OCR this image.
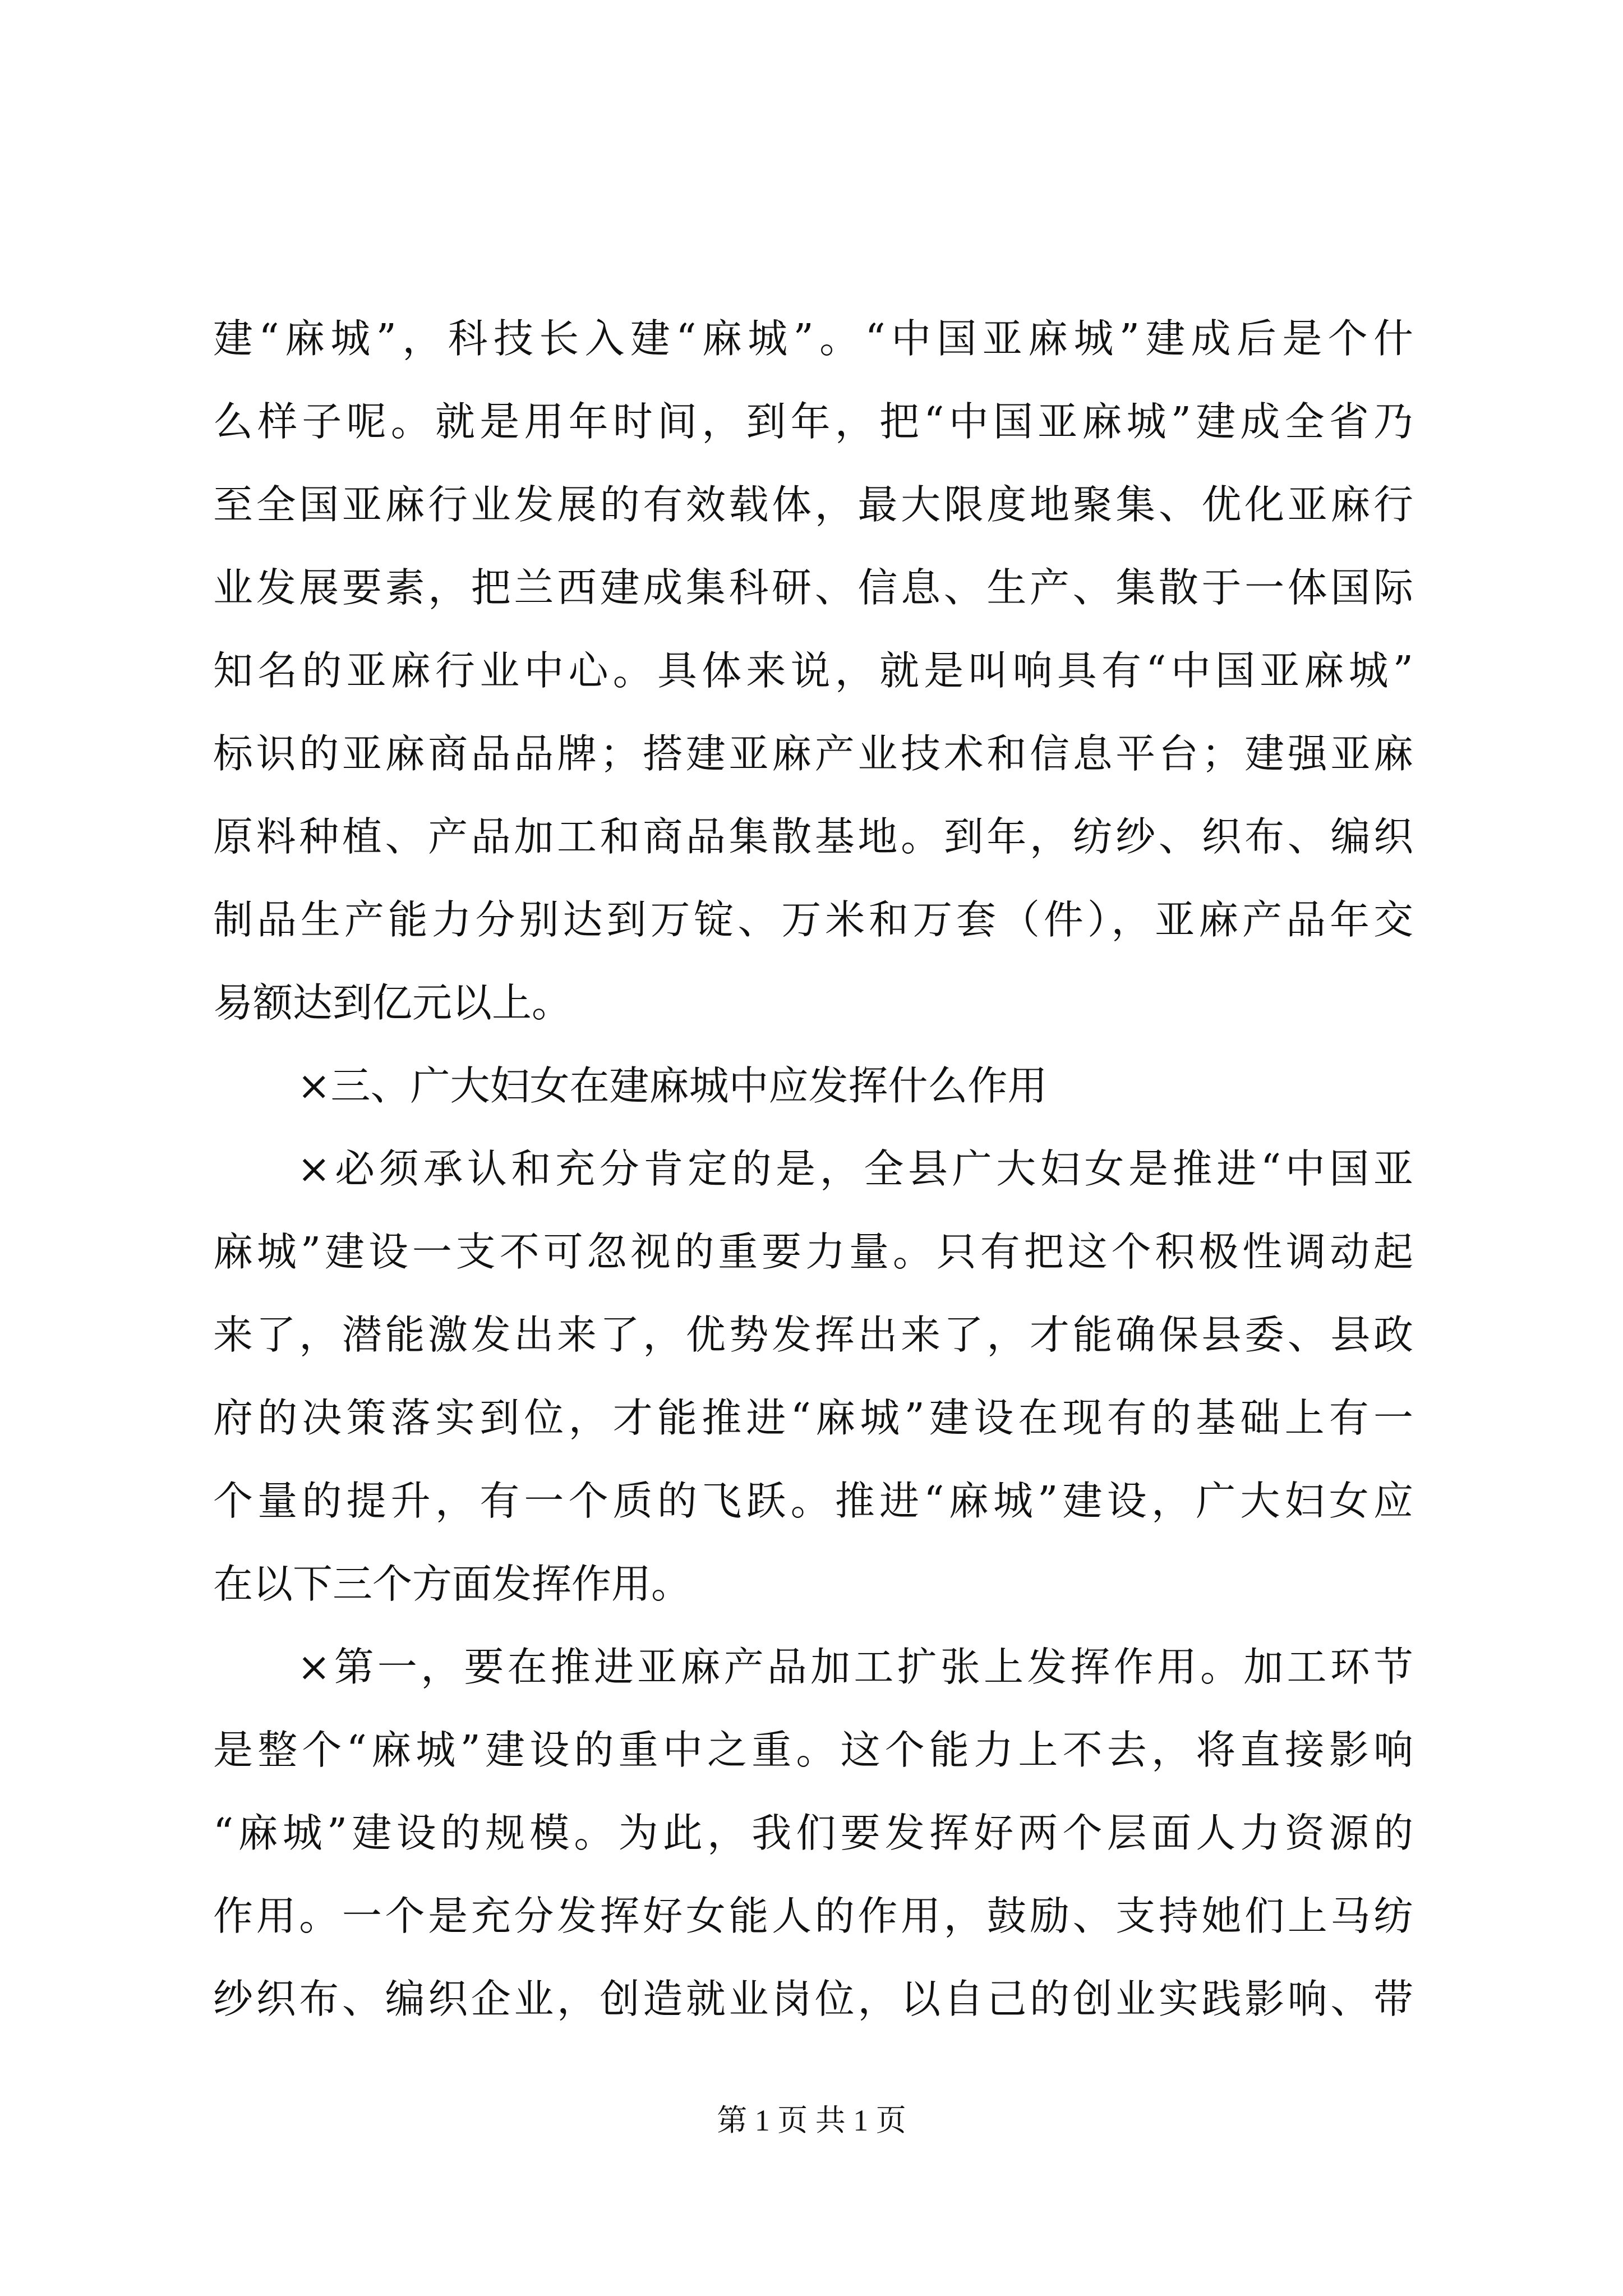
建“麻城”，科技长入建“麻城”。“中国亚麻城”建成后是个什
么样子呢。就是用年时间，到年，把“中国亚麻城”建成全省乃
至全国亚麻行业发展的有效载体，最大限度地聚集、优化亚麻行
业发展要素，把兰西建成集科研、信息、生产、集散于一体国际
知名的亚麻行业中心。具体来说，就是叫响具有“中国亚麻城”
标识的亚麻商品品牌；搭建亚麻产业技术和信息平台；建强亚麻
原料种植、产品加工和商品集散基地。到年，纺纱、织布、编织
制品生产能力分别达到万锭、万米和万套（件），亚麻产品年交
易额达到亿元以上。
×三、广大妇女在建麻城中应发挥什么作用
×必须承认和充分肯定的是，全县广大妇女是推进“中国亚
麻城”建设一支不可忽视的重要力量。只有把这个积极性调动起
来了，潜能激发出来了，优势发挥出来了，才能确保县委、县政
府的决策落实到位，才能推进“麻城”建设在现有的基础上有一
个量的提升，有一个质的飞跃。推进“麻城”建设，广大妇女应
在以下三个方面发挥作用。
×第一，要在推进亚麻产品加工扩张上发挥作用。加工环节
是整个“麻城”建设的重中之重。这个能力上不去，将直接影响
“麻城”建设的规模。为此，我们要发挥好两个层面人力资源的
作用。一个是充分发挥好女能人的作用，鼓励、支持她们上马纺
纱织布、编织企业，创造就业岗位，以自己的创业实践影响、带
第 1 页 共 1 页
